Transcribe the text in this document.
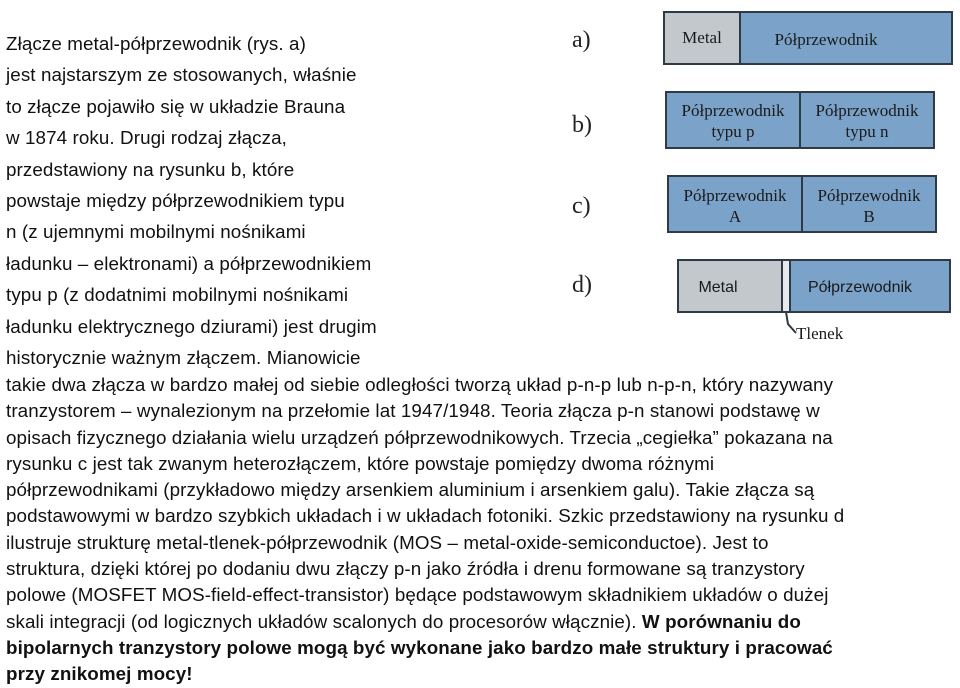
Złącze metal-półprzewodnik (rys. a)
jest najstarszym ze stosowanych, właśnie
to złącze pojawiło się w układzie Brauna
w 1874 roku. Drugi rodzaj złącza,
przedstawiony na rysunku b, które
powstaje między półprzewodnikiem typu
n (z ujemnymi mobilnymi nośnikami
ładunku – elektronami) a półprzewodnikiem
typu p (z dodatnimi mobilnymi nośnikami
ładunku elektrycznego dziurami) jest drugim
historycznie ważnym złączem. Mianowicie
a)	Metal	Półprzewodnik
b)
Półprzewodnik
typu p
Półprzewodnik
typu n
c)	Półprzewodnik
A
Półprzewodnik
B
d)	Metal	Półprzewodnik
Tlenek
takie dwa złącza w bardzo małej od siebie odległości tworzą układ p-n-p lub n-p-n, który nazywany
tranzystorem – wynalezionym na przełomie lat 1947/1948. Teoria złącza p-n stanowi podstawę w
opisach fizycznego działania wielu urządzeń półprzewodnikowych. Trzecia „cegiełka” pokazana na
rysunku c jest tak zwanym heterozłączem, które powstaje pomiędzy dwoma różnymi
półprzewodnikami (przykładowo między arsenkiem aluminium i arsenkiem galu). Takie złącza są
podstawowymi w bardzo szybkich układach i w układach fotoniki. Szkic przedstawiony na rysunku d
ilustruje strukturę metal-tlenek-półprzewodnik (MOS – metal-oxide-semiconductoe). Jest to
struktura, dzięki której po dodaniu dwu złączy p-n jako źródła i drenu formowane są tranzystory
polowe (MOSFET MOS-field-effect-transistor) będące podstawowym składnikiem układów o dużej
skali integracji (od logicznych układów scalonych do procesorów włącznie). W porównaniu do
bipolarnych tranzystory polowe mogą być wykonane jako bardzo małe struktury i pracować
przy znikomej mocy!
